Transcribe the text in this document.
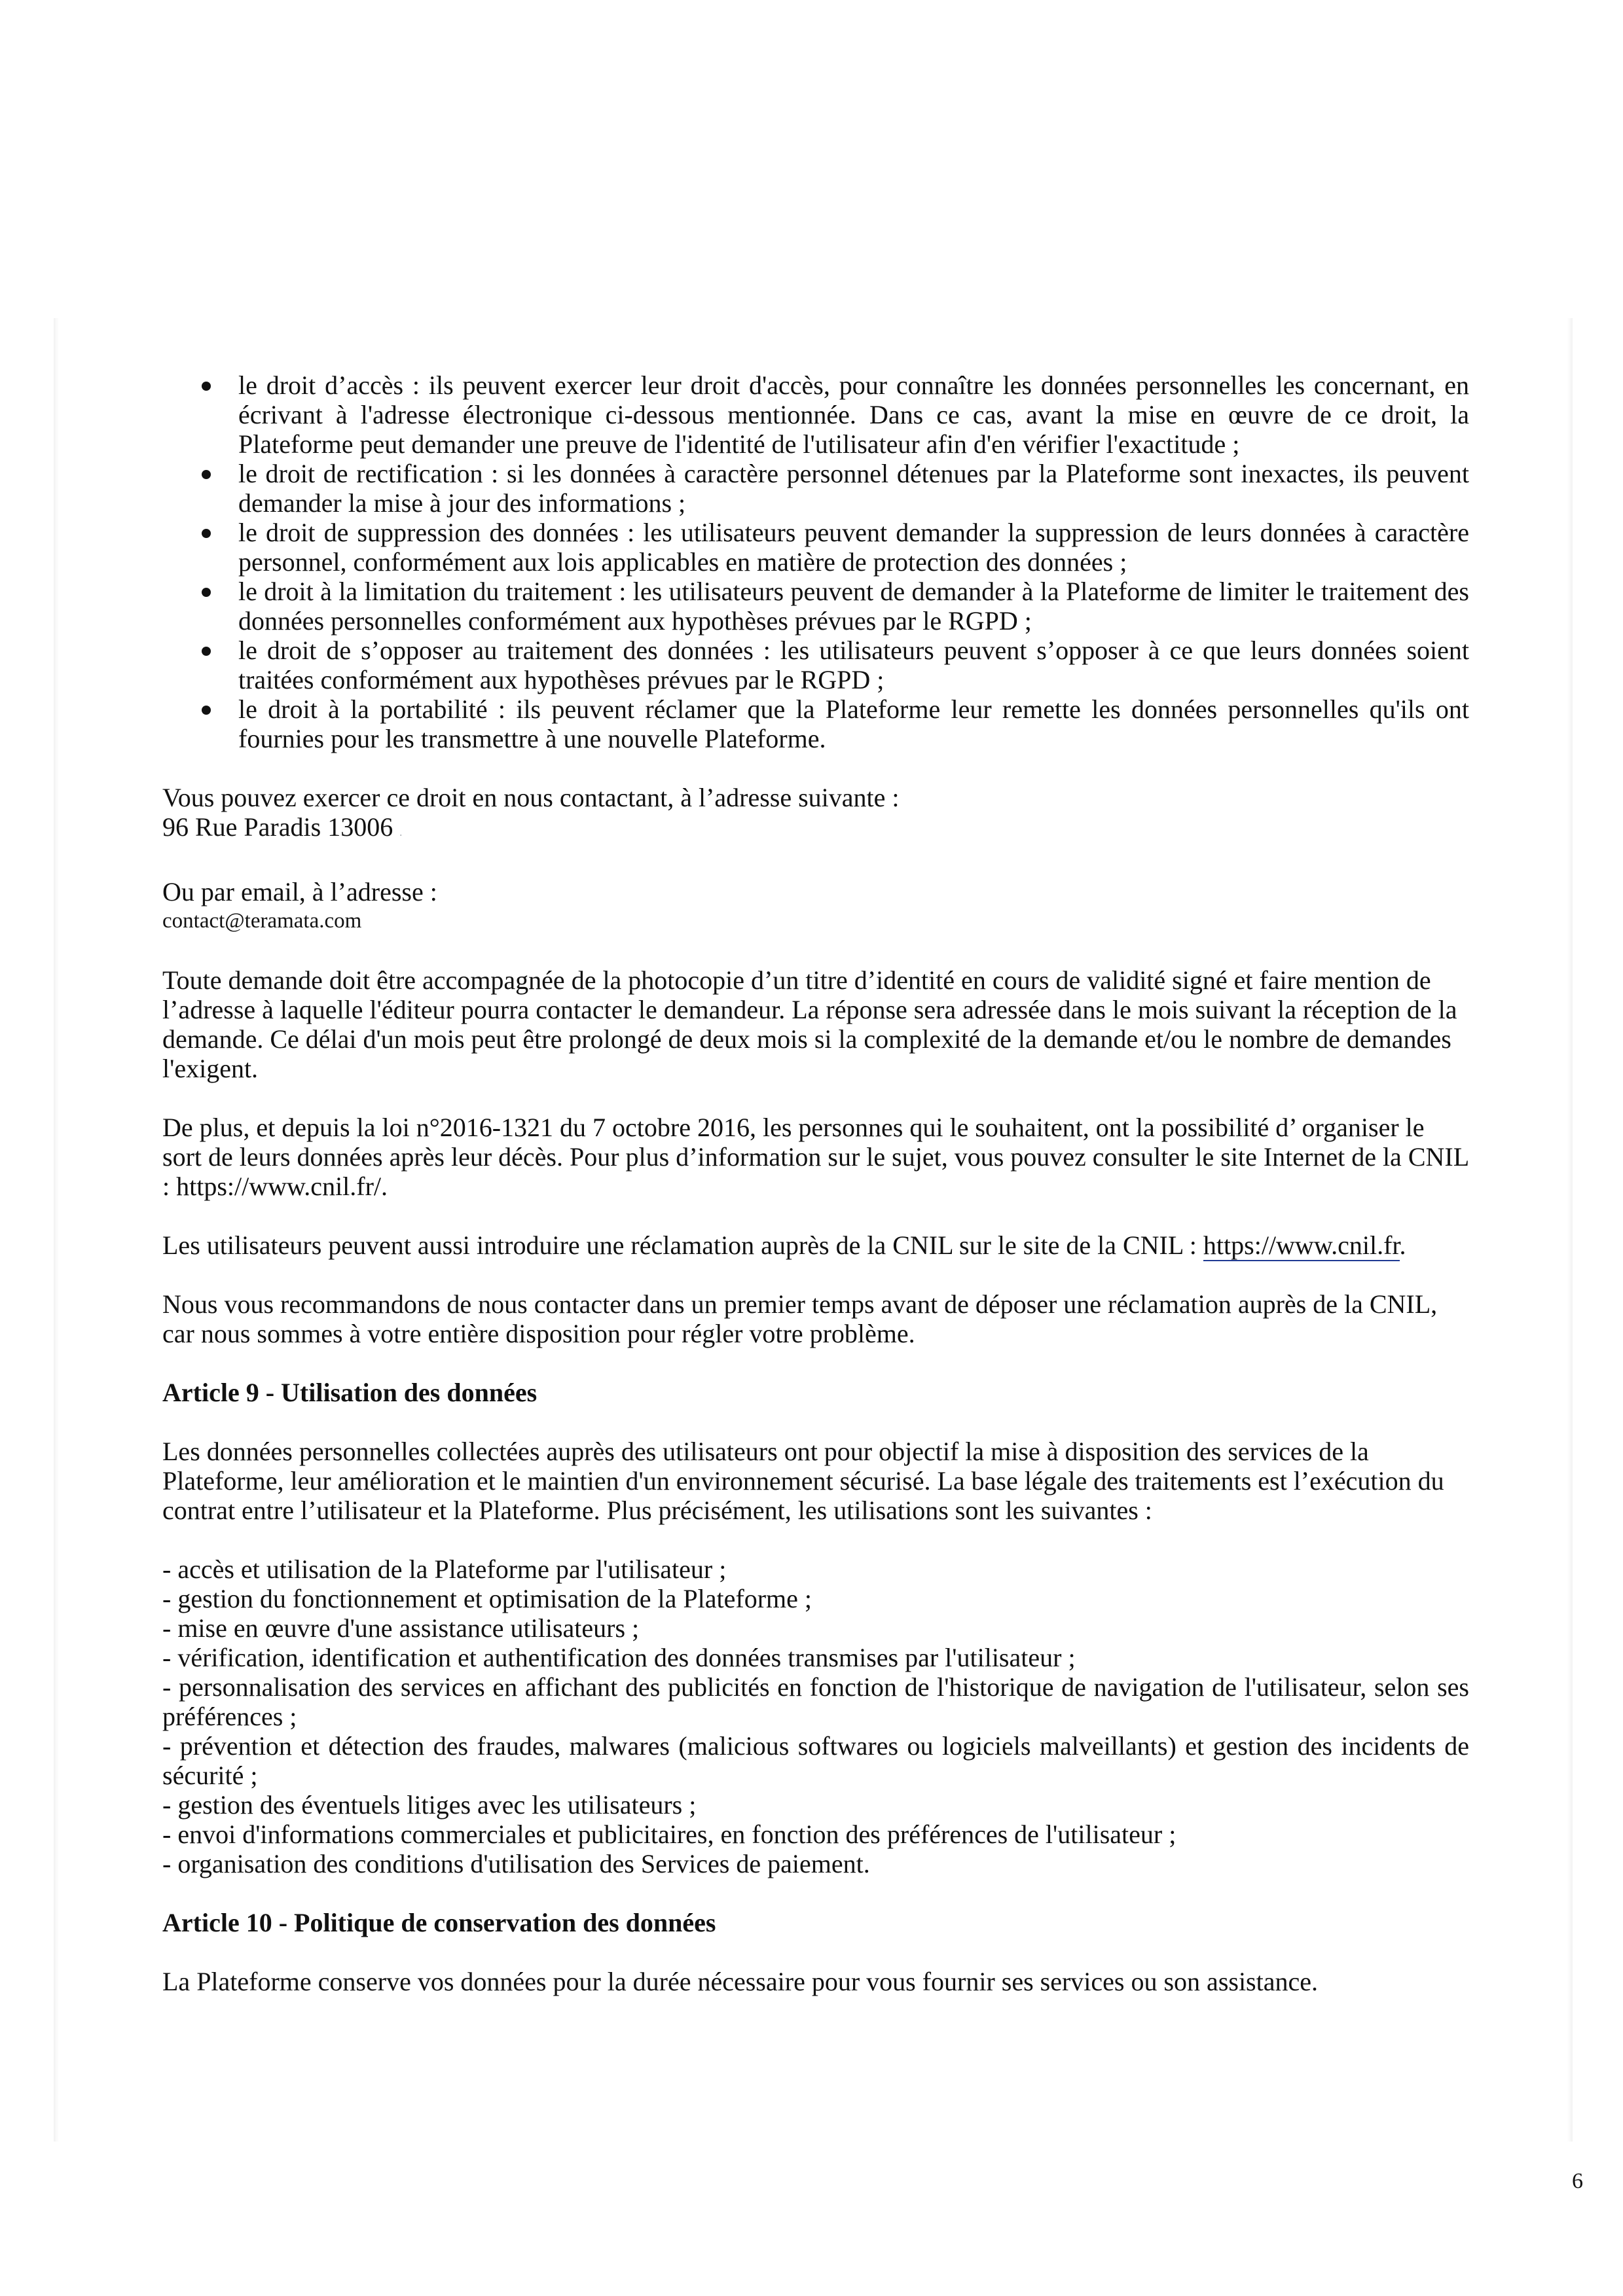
le droit d’accès : ils peuvent exercer leur droit d'accès, pour connaître les données personnelles les concernant, en écrivant à l'adresse électronique ci-dessous mentionnée. Dans ce cas, avant la mise en œuvre de ce droit, la Plateforme peut demander une preuve de l'identité de l'utilisateur afin d'en vérifier l'exactitude ;
le droit de rectification : si les données à caractère personnel détenues par la Plateforme sont inexactes, ils peuvent demander la mise à jour des informations ;
le droit de suppression des données : les utilisateurs peuvent demander la suppression de leurs données à caractère personnel, conformément aux lois applicables en matière de protection des données ;
le droit à la limitation du traitement : les utilisateurs peuvent de demander à la Plateforme de limiter le traitement des données personnelles conformément aux hypothèses prévues par le RGPD ;
le droit de s’opposer au traitement des données : les utilisateurs peuvent s’opposer à ce que leurs données soient traitées conformément aux hypothèses prévues par le RGPD ;
le droit à la portabilité : ils peuvent réclamer que la Plateforme leur remette les données personnelles qu'ils ont fournies pour les transmettre à une nouvelle Plateforme.

Vous pouvez exercer ce droit en nous contactant, à l’adresse suivante :

96 Rue Paradis 13006 .

Ou par email, à l’adresse :

contact@teramata.com

Toute demande doit être accompagnée de la photocopie d’un titre d’identité en cours de validité signé et faire mention de l’adresse à laquelle l'éditeur pourra contacter le demandeur. La réponse sera adressée dans le mois suivant la réception de la demande. Ce délai d'un mois peut être prolongé de deux mois si la complexité de la demande et/ou le nombre de demandes l'exigent.

De plus, et depuis la loi n°2016-1321 du 7 octobre 2016, les personnes qui le souhaitent, ont la possibilité d’ organiser le sort de leurs données après leur décès. Pour plus d’information sur le sujet, vous pouvez consulter le site Internet de la CNIL : https://www.cnil.fr/.

Les utilisateurs peuvent aussi introduire une réclamation auprès de la CNIL sur le site de la CNIL : https://www.cnil.fr.

Nous vous recommandons de nous contacter dans un premier temps avant de déposer une réclamation auprès de la CNIL, car nous sommes à votre entière disposition pour régler votre problème.

Article 9 - Utilisation des données

Les données personnelles collectées auprès des utilisateurs ont pour objectif la mise à disposition des services de la Plateforme, leur amélioration et le maintien d'un environnement sécurisé. La base légale des traitements est l’exécution du contrat entre l’utilisateur et la Plateforme. Plus précisément, les utilisations sont les suivantes :

- accès et utilisation de la Plateforme par l'utilisateur ;

- gestion du fonctionnement et optimisation de la Plateforme ;

- mise en œuvre d'une assistance utilisateurs ;

- vérification, identification et authentification des données transmises par l'utilisateur ;

- personnalisation des services en affichant des publicités en fonction de l'historique de navigation de l'utilisateur, selon ses préférences ;

- prévention et détection des fraudes, malwares (malicious softwares ou logiciels malveillants) et gestion des incidents de sécurité ;

- gestion des éventuels litiges avec les utilisateurs ;

- envoi d'informations commerciales et publicitaires, en fonction des préférences de l'utilisateur ;

- organisation des conditions d'utilisation des Services de paiement.

Article 10 - Politique de conservation des données

La Plateforme conserve vos données pour la durée nécessaire pour vous fournir ses services ou son assistance.

6
